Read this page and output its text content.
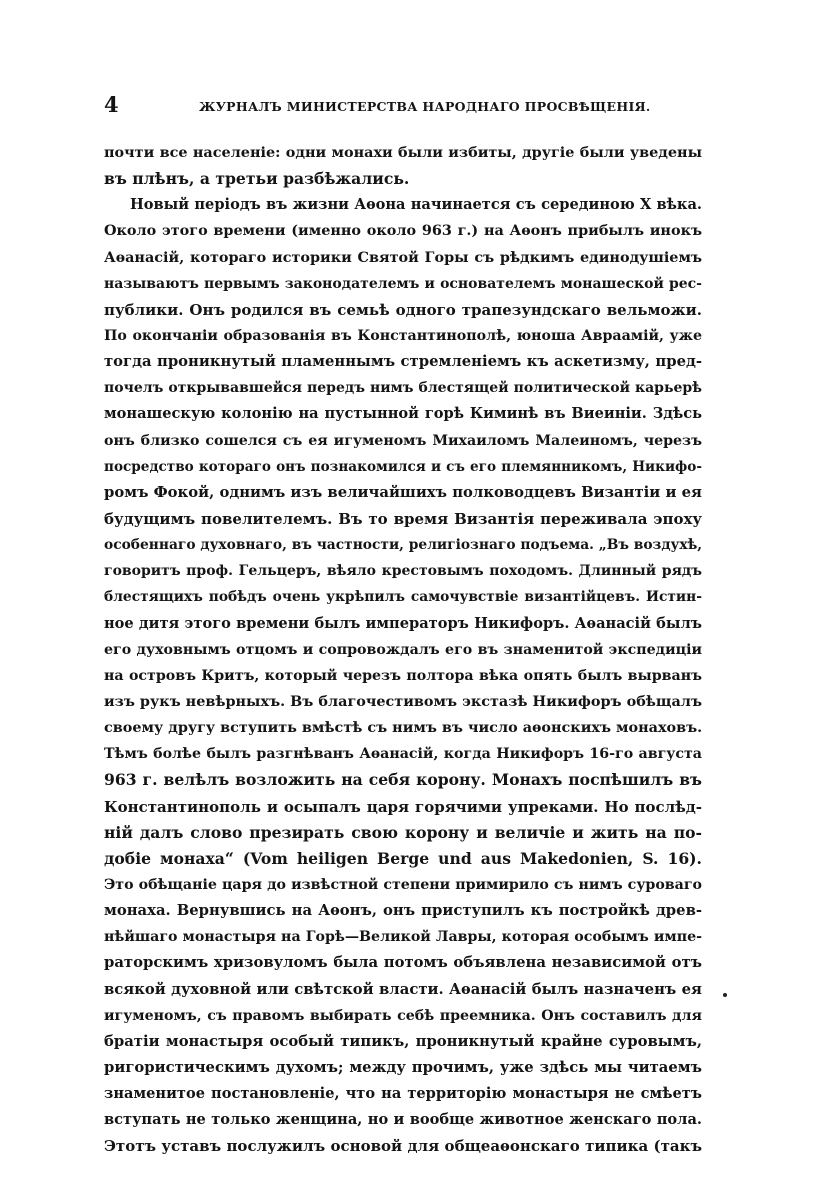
4	ЖУРНАЛЪ МИНИСТЕРСТВА НАРОДНАГО ПРОСВѢЩЕНІЯ.
почти все населеніе: одни монахи были избиты, другіе были уведены
въ плѣнъ, а третьи разбѣжались.
Новый періодъ въ жизни Аѳона начинается съ серединою X вѣка.
Около этого времени (именно около 963 г.) на Аѳонъ прибылъ инокъ
Аѳанасій, котораго историки Святой Горы съ рѣдкимъ единодушіемъ
называютъ первымъ законодателемъ и основателемъ монашеской рес-
публики. Онъ родился въ семьѣ одного трапезундскаго вельможи.
По окончаніи образованія въ Константинополѣ, юноша Авраамій, уже
тогда проникнутый пламеннымъ стремленіемъ къ аскетизму, пред-
почелъ открывавшейся передъ нимъ блестящей политической карьерѣ
монашескую колонію на пустынной горѣ Киминѣ въ Виеиніи. Здѣсь
онъ близко сошелся съ ея игуменомъ Михаиломъ Малеиномъ, черезъ
посредство котораго онъ познакомился и съ его племянникомъ, Никифо-
ромъ Фокой, однимъ изъ величайшихъ полководцевъ Византіи и ея
будущимъ повелителемъ. Въ то время Византія переживала эпоху
особеннаго духовнаго, въ частности, религіознаго подъема. „Въ воздухѣ,
говоритъ проф. Гельцеръ, вѣяло крестовымъ походомъ. Длинный рядъ
блестящихъ побѣдъ очень укрѣпилъ самочувствіе византійцевъ. Истин-
ное дитя этого времени былъ императоръ Никифоръ. Аѳанасій былъ
его духовнымъ отцомъ и сопровождалъ его въ знаменитой экспедиціи
на островъ Критъ, который черезъ полтора вѣка опять былъ вырванъ
изъ рукъ невѣрныхъ. Въ благочестивомъ экстазѣ Никифоръ обѣщалъ
своему другу вступить вмѣстѣ съ нимъ въ число аѳонскихъ монаховъ.
Тѣмъ болѣе былъ разгнѣванъ Аѳанасій, когда Никифоръ 16-го августа
963 г. велѣлъ возложить на себя корону. Монахъ поспѣшилъ въ
Константинополь и осыпалъ царя горячими упреками. Но послѣд-
ній далъ слово презирать свою корону и величіе и жить на по-
добіе монаха“ (Vom heiligen Berge und aus Makedonien, S. 16).
Это обѣщаніе царя до извѣстной степени примирило съ нимъ суроваго
монаха. Вернувшись на Аѳонъ, онъ приступилъ къ постройкѣ древ-
нѣйшаго монастыря на Горѣ—Великой Лавры, которая особымъ импе-
раторскимъ хризовуломъ была потомъ объявлена независимой отъ
всякой духовной или свѣтской власти. Аѳанасій былъ назначенъ ея
игуменомъ, съ правомъ выбирать себѣ преемника. Онъ составилъ для
братіи монастыря особый типикъ, проникнутый крайне суровымъ,
ригористическимъ духомъ; между прочимъ, уже здѣсь мы читаемъ
знаменитое постановленіе, что на территорію монастыря не смѣетъ
вступать не только женщина, но и вообще животное женскаго пола.
Этотъ уставъ послужилъ основой для общеаѳонскаго типика (такъ
